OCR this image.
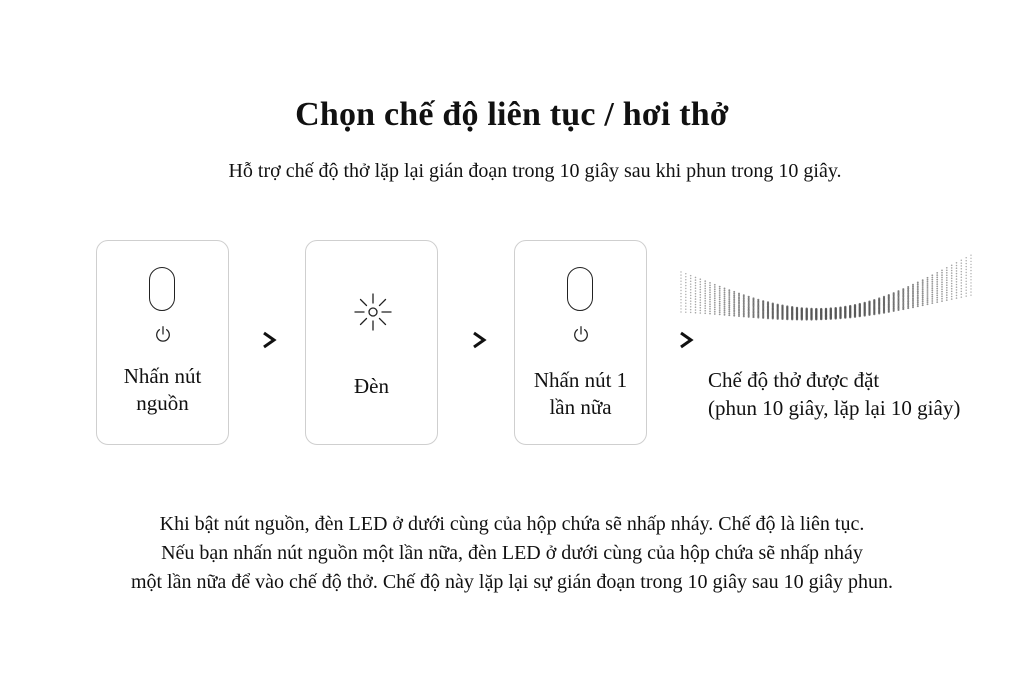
Chọn chế độ liên tục / hơi thở
Hỗ trợ chế độ thở lặp lại gián đoạn trong 10 giây sau khi phun trong 10 giây.
Nhấn nút
nguồn
Đèn	Nhấn nút 1
lần nữa
Chế độ thở được đặt
(phun 10 giây, lặp lại 10 giây)
Khi bật nút nguồn, đèn LED ở dưới cùng của hộp chứa sẽ nhấp nháy. Chế độ là liên tục.
Nếu bạn nhấn nút nguồn một lần nữa, đèn LED ở dưới cùng của hộp chứa sẽ nhấp nháy
một lần nữa để vào chế độ thở. Chế độ này lặp lại sự gián đoạn trong 10 giây sau 10 giây phun.
